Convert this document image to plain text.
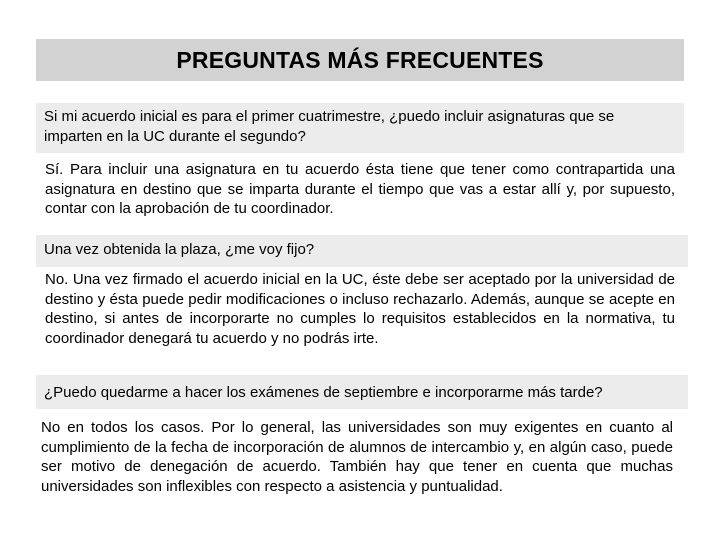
PREGUNTAS MÁS FRECUENTES
Si mi acuerdo inicial es para el primer cuatrimestre, ¿puedo incluir asignaturas que se imparten en la UC durante el segundo?

Sí. Para incluir una asignatura en tu acuerdo ésta tiene que tener como contrapartida una asignatura en destino que se imparta durante el tiempo que vas a estar allí y, por supuesto, contar con la aprobación de tu coordinador.

Una vez obtenida la plaza, ¿me voy fijo?

No. Una vez firmado el acuerdo inicial en la UC, éste debe ser aceptado por la universidad de destino y ésta puede pedir modificaciones o incluso rechazarlo. Además, aunque se acepte en destino, si antes de incorporarte no cumples lo requisitos establecidos en la normativa, tu coordinador denegará tu acuerdo y no podrás irte.

¿Puedo quedarme a hacer los exámenes de septiembre e incorporarme más tarde?

No en todos los casos. Por lo general, las universidades son muy exigentes en cuanto al cumplimiento de la fecha de incorporación de alumnos de intercambio y, en algún caso, puede ser motivo de denegación de acuerdo. También hay que tener en cuenta que muchas universidades son inflexibles con respecto a asistencia y puntualidad.
